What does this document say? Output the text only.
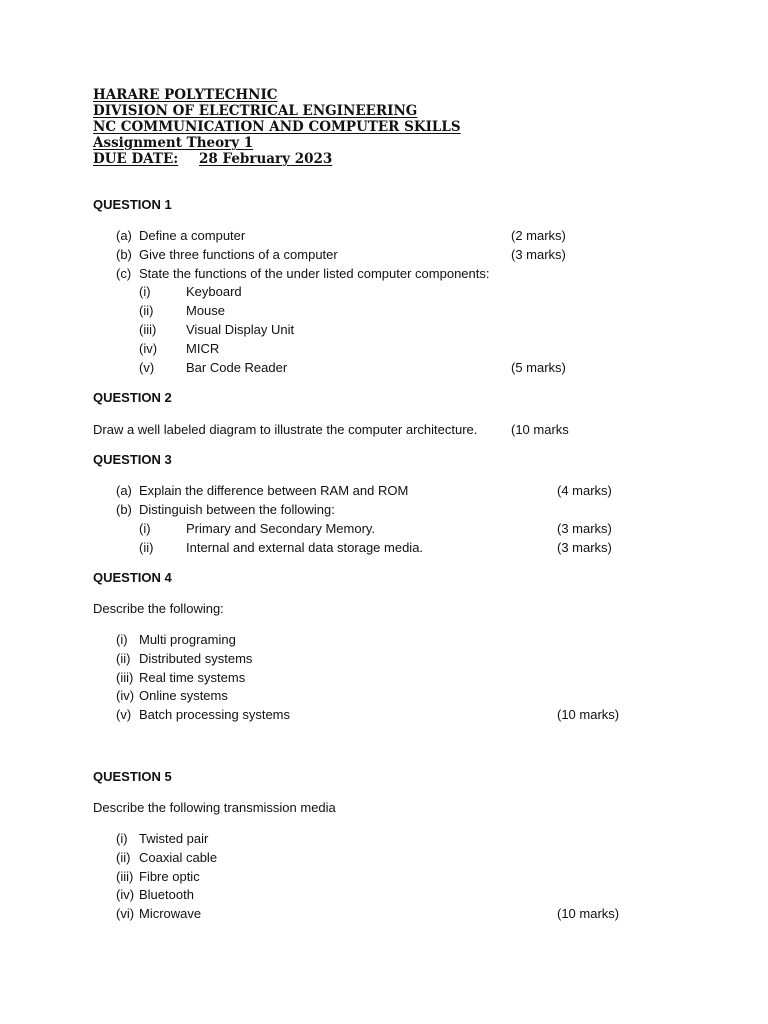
HARARE POLYTECHNIC
DIVISION OF ELECTRICAL ENGINEERING
NC COMMUNICATION AND COMPUTER SKILLS
Assignment Theory 1
DUE DATE:	28 February 2023
QUESTION 1
(a) Define a computer	(2 marks)
(b) Give three functions of a computer	(3 marks)
(c) State the functions of the under listed computer components:
(i)	Keyboard
(ii)	Mouse
(iii) Visual Display Unit
(iv) MICR
(v) Bar Code Reader	(5 marks)
QUESTION 2
Draw a well labeled diagram to illustrate the computer architecture.	(10 marks
QUESTION 3
(a) Explain the difference between RAM and ROM	(4 marks)
(b) Distinguish between the following:
(i)	Primary and Secondary Memory.	(3 marks)
(ii)	Internal and external data storage media.	(3 marks)
QUESTION 4
Describe the following:
(i) Multi programing
(ii) Distributed systems
(iii) Real time systems
(iv) Online systems
(v) Batch processing systems	(10 marks)
QUESTION 5
Describe the following transmission media
(i) Twisted pair
(ii) Coaxial cable
(iii) Fibre optic
(iv) Bluetooth
(vi) Microwave	(10 marks)
